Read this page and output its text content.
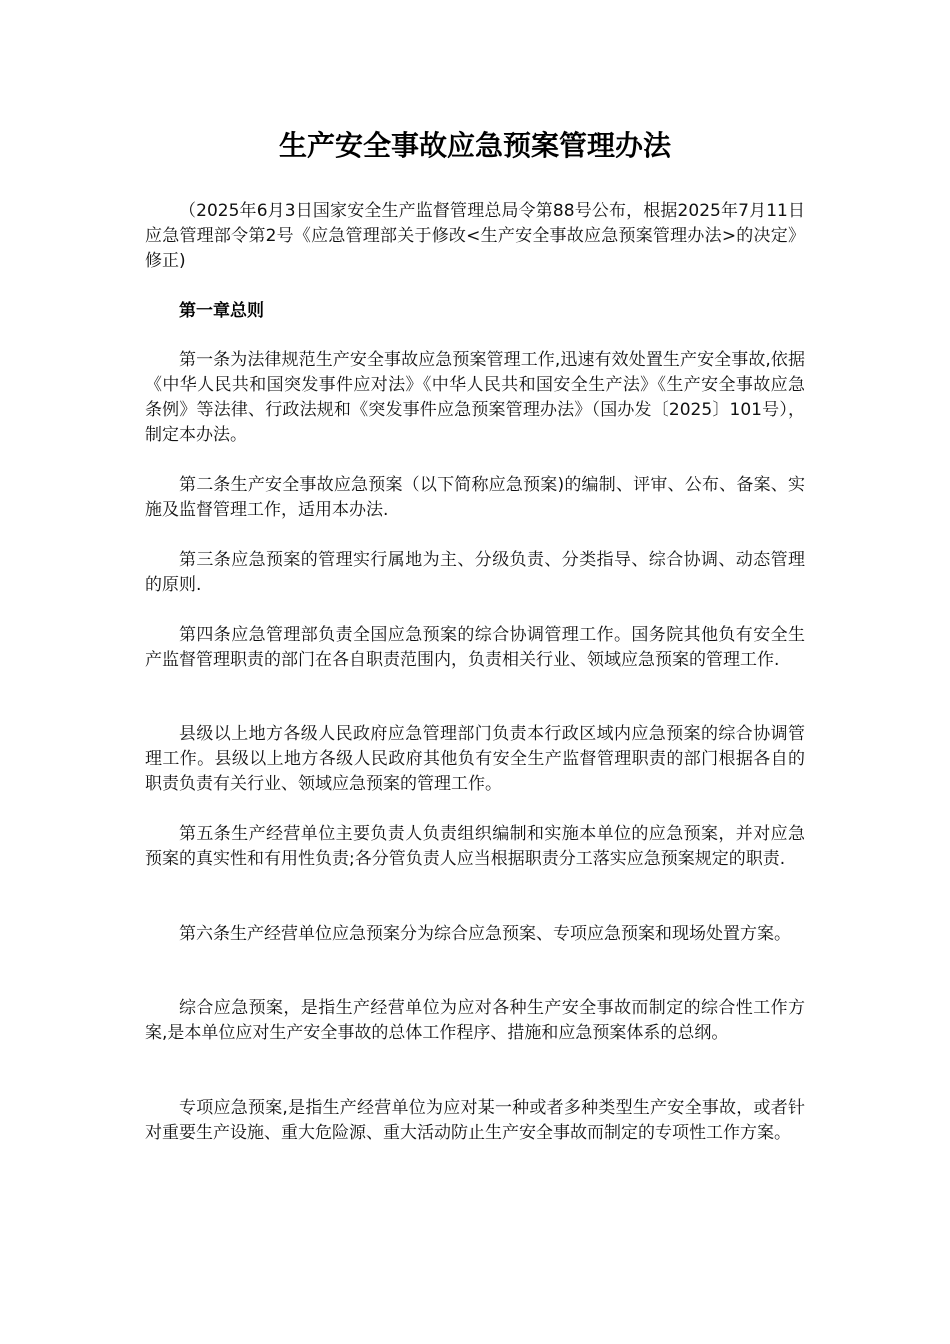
生产安全事故应急预案管理办法

（2025年6月3日国家安全生产监督管理总局令第88号公布，根据2025年7月11日应急管理部令第2号《应急管理部关于修改<生产安全事故应急预案管理办法>的决定》修正)

第一章总则

第一条为法律规范生产安全事故应急预案管理工作,迅速有效处置生产安全事故,依据《中华人民共和国突发事件应对法》《中华人民共和国安全生产法》《生产安全事故应急条例》等法律、行政法规和《突发事件应急预案管理办法》（国办发〔2025〕101号），制定本办法。

第二条生产安全事故应急预案（以下简称应急预案)的编制、评审、公布、备案、实施及监督管理工作，适用本办法.

第三条应急预案的管理实行属地为主、分级负责、分类指导、综合协调、动态管理的原则.

第四条应急管理部负责全国应急预案的综合协调管理工作。国务院其他负有安全生产监督管理职责的部门在各自职责范围内，负责相关行业、领域应急预案的管理工作.

县级以上地方各级人民政府应急管理部门负责本行政区域内应急预案的综合协调管理工作。县级以上地方各级人民政府其他负有安全生产监督管理职责的部门根据各自的职责负责有关行业、领域应急预案的管理工作。

第五条生产经营单位主要负责人负责组织编制和实施本单位的应急预案，并对应急预案的真实性和有用性负责;各分管负责人应当根据职责分工落实应急预案规定的职责.

第六条生产经营单位应急预案分为综合应急预案、专项应急预案和现场处置方案。

综合应急预案，是指生产经营单位为应对各种生产安全事故而制定的综合性工作方案,是本单位应对生产安全事故的总体工作程序、措施和应急预案体系的总纲。

专项应急预案,是指生产经营单位为应对某一种或者多种类型生产安全事故，或者针对重要生产设施、重大危险源、重大活动防止生产安全事故而制定的专项性工作方案。
